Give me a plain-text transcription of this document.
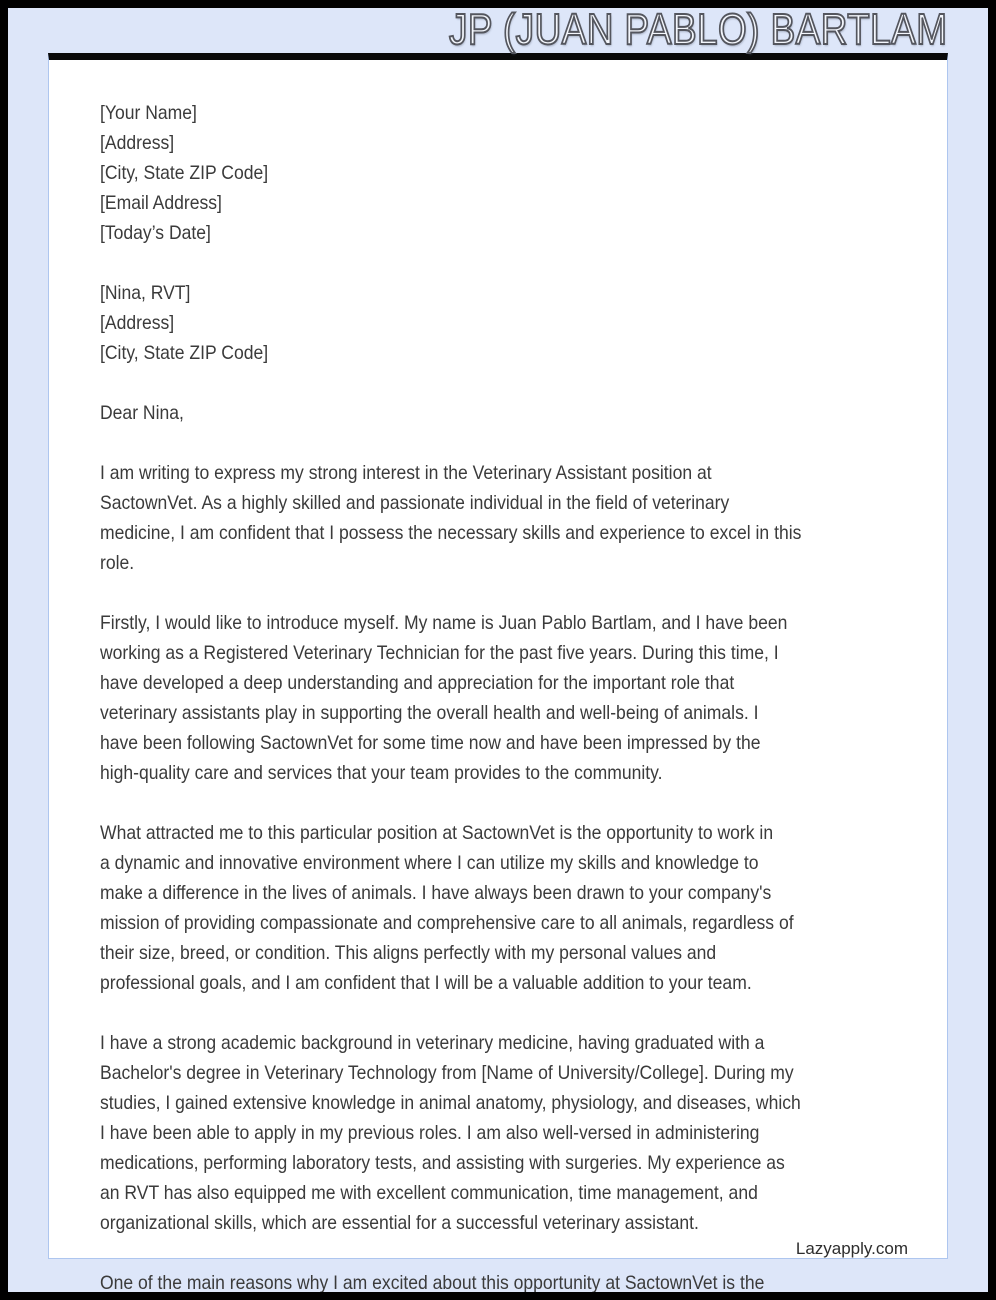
JP (JUAN PABLO) BARTLAM
[Your Name]
[Address]
[City, State ZIP Code]
[Email Address]
[Today’s Date]
[Nina, RVT]
[Address]
[City, State ZIP Code]
Dear Nina,
I am writing to express my strong interest in the Veterinary Assistant position at
SactownVet. As a highly skilled and passionate individual in the field of veterinary
medicine, I am confident that I possess the necessary skills and experience to excel in this
role.
Firstly, I would like to introduce myself. My name is Juan Pablo Bartlam, and I have been
working as a Registered Veterinary Technician for the past five years. During this time, I
have developed a deep understanding and appreciation for the important role that
veterinary assistants play in supporting the overall health and well-being of animals. I
have been following SactownVet for some time now and have been impressed by the
high-quality care and services that your team provides to the community.
What attracted me to this particular position at SactownVet is the opportunity to work in
a dynamic and innovative environment where I can utilize my skills and knowledge to
make a difference in the lives of animals. I have always been drawn to your company's
mission of providing compassionate and comprehensive care to all animals, regardless of
their size, breed, or condition. This aligns perfectly with my personal values and
professional goals, and I am confident that I will be a valuable addition to your team.
I have a strong academic background in veterinary medicine, having graduated with a
Bachelor's degree in Veterinary Technology from [Name of University/College]. During my
studies, I gained extensive knowledge in animal anatomy, physiology, and diseases, which
I have been able to apply in my previous roles. I am also well-versed in administering
medications, performing laboratory tests, and assisting with surgeries. My experience as
an RVT has also equipped me with excellent communication, time management, and
organizational skills, which are essential for a successful veterinary assistant.
One of the main reasons why I am excited about this opportunity at SactownVet is the
Lazyapply.com
